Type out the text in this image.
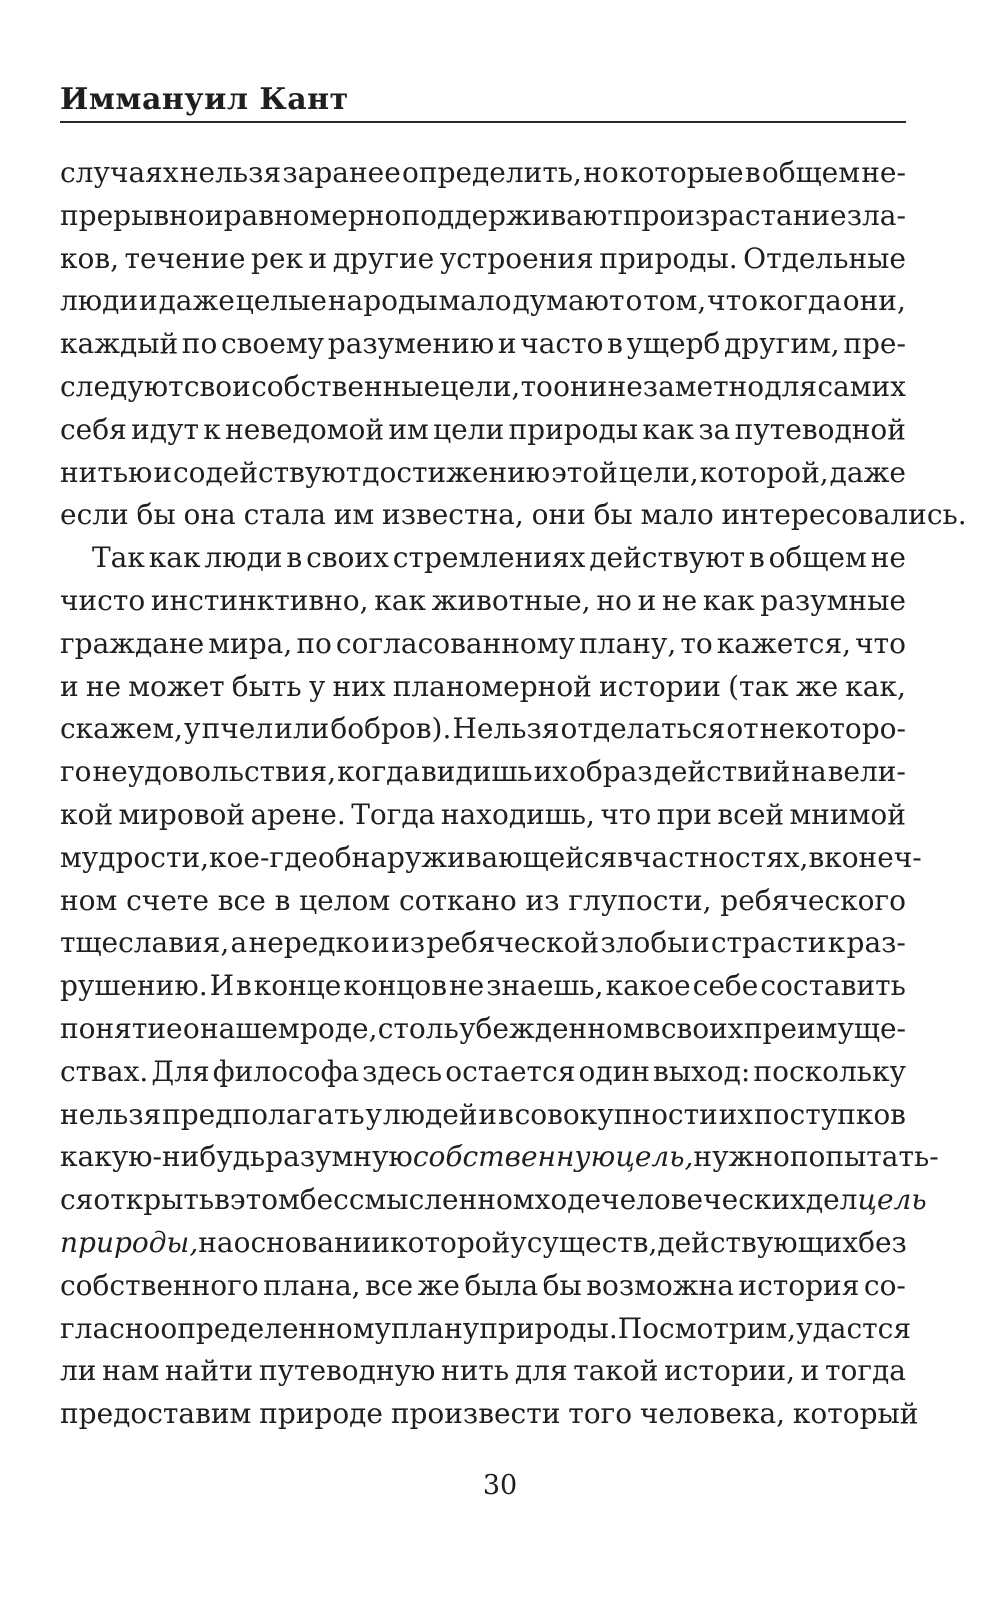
Иммануил Кант
случаях нельзя заранее определить, но которые в общем не-
прерывно и равномерно поддерживают произрастание зла-
ков, течение рек и другие устроения природы. Отдельные
люди и даже целые народы мало думают о том, что когда они,
каждый по своему разумению и часто в ущерб другим, пре-
следуют свои собственные цели, то они незаметно для самих
себя идут к неведомой им цели природы как за путеводной
нитью и содействуют достижению этой цели, которой, даже
если бы она стала им известна, они бы мало интересовались.
Так как люди в своих стремлениях действуют в общем не
чисто инстинктивно, как животные, но и не как разумные
граждане мира, по согласованному плану, то кажется, что
и не может быть у них планомерной истории (так же как,
скажем, у пчел или бобров). Нельзя отделаться от некоторо-
го неудовольствия, когда видишь их образ действий на вели-
кой мировой арене. Тогда находишь, что при всей мнимой
мудрости, кое-где обнаруживающейся в частностях, в конеч-
ном счете все в целом соткано из глупости, ребяческого
тщеславия, а нередко и из ребяческой злобы и страсти к раз-
рушению. И в конце концов не знаешь, какое себе составить
понятие о нашем роде, столь убежденном в своих преимуще-
ствах. Для философа здесь остается один выход: поскольку
нельзя предполагать у людей и в совокупности их поступков
какую-нибудь разумную собственную цель, нужно попытать-
ся открыть в этом бессмысленном ходе человеческих дел цель
природы, на основании которой у существ, действующих без
собственного плана, все же была бы возможна история со-
гласно определенному плану природы. Посмотрим, удастся
ли нам найти путеводную нить для такой истории, и тогда
предоставим природе произвести того человека, который
30
